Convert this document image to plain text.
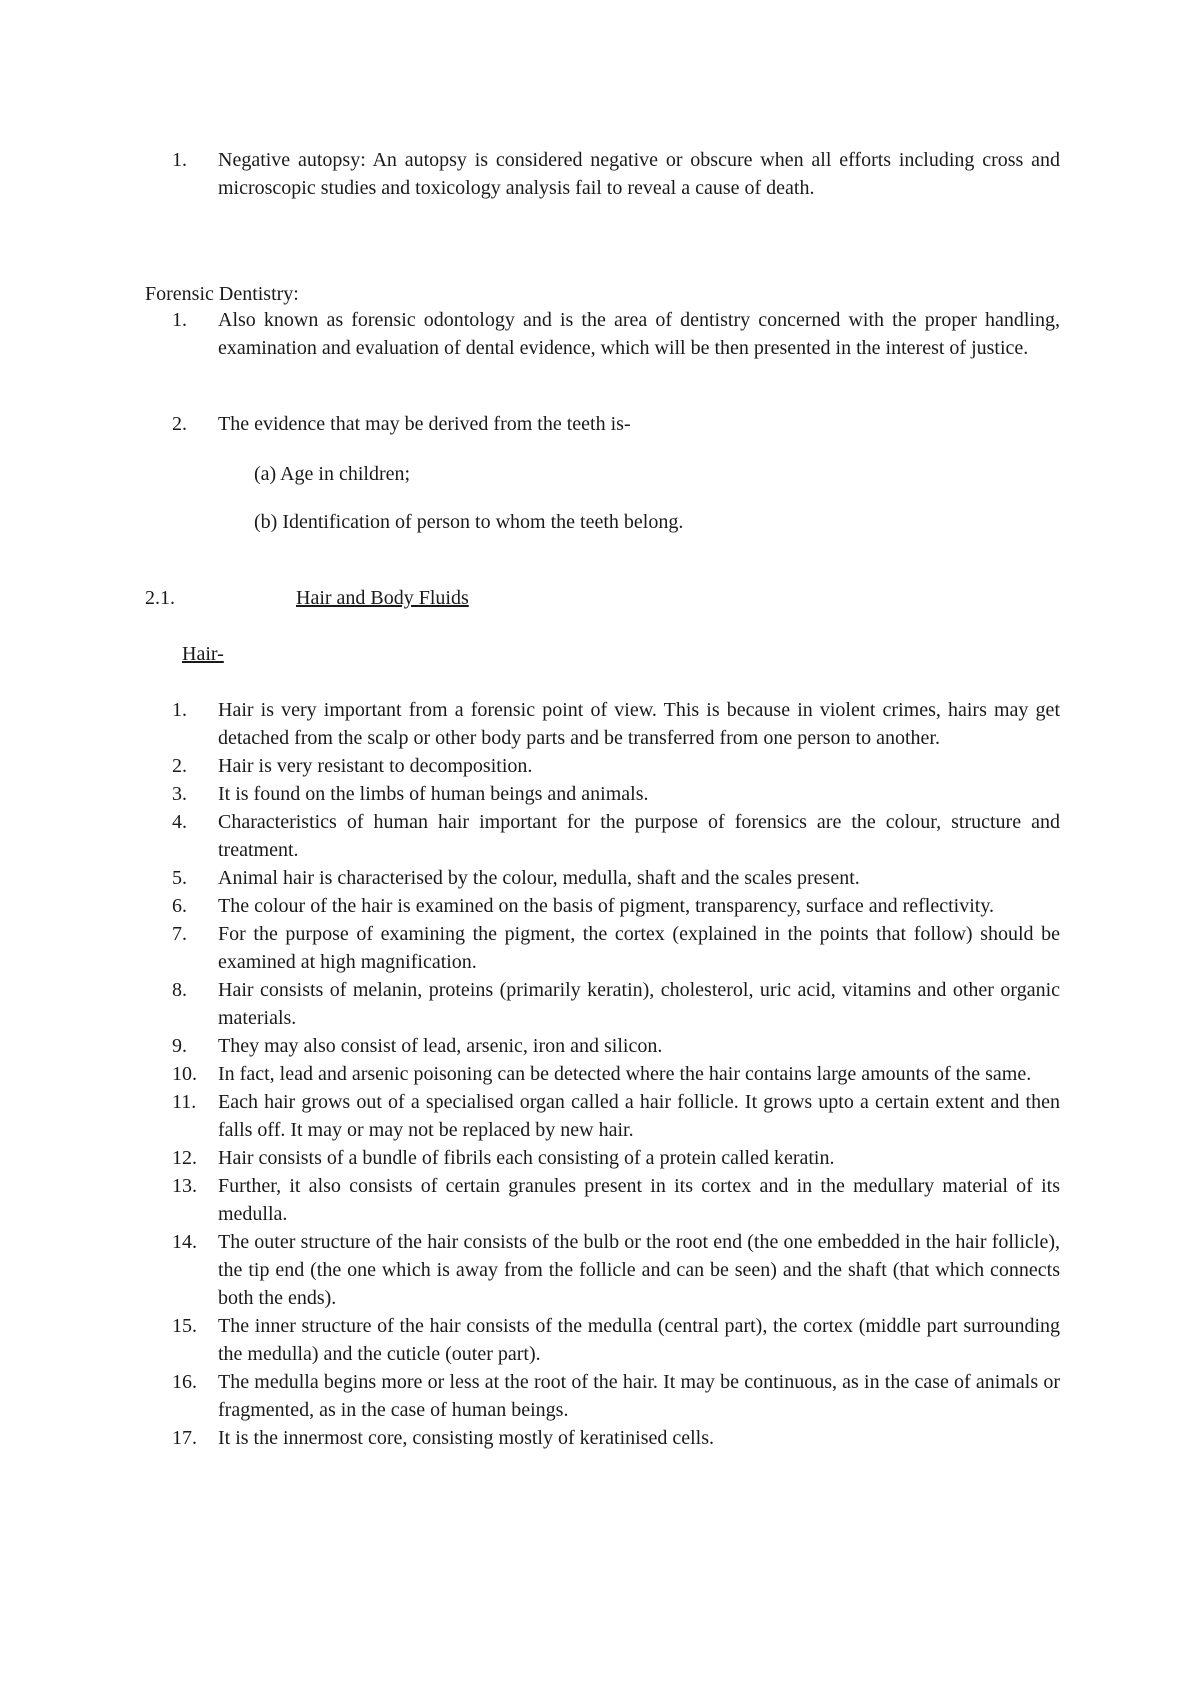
1.	Negative autopsy: An autopsy is considered negative or obscure when all efforts including cross and microscopic studies and toxicology analysis fail to reveal a cause of death.
Forensic Dentistry:
1.	Also known as forensic odontology and is the area of dentistry concerned with the proper handling, examination and evaluation of dental evidence, which will be then presented in the interest of justice.
2.	The evidence that may be derived from the teeth is-
(a) Age in children;
(b) Identification of person to whom the teeth belong.
2.1.	Hair and Body Fluids
Hair-
1.	Hair is very important from a forensic point of view. This is because in violent crimes, hairs may get detached from the scalp or other body parts and be transferred from one person to another.
2.	Hair is very resistant to decomposition.
3.	It is found on the limbs of human beings and animals.
4.	Characteristics of human hair important for the purpose of forensics are the colour, structure and treatment.
5.	Animal hair is characterised by the colour, medulla, shaft and the scales present.
6.	The colour of the hair is examined on the basis of pigment, transparency, surface and reflectivity.
7.	For the purpose of examining the pigment, the cortex (explained in the points that follow) should be examined at high magnification.
8.	Hair consists of melanin, proteins (primarily keratin), cholesterol, uric acid, vitamins and other organic materials.
9.	They may also consist of lead, arsenic, iron and silicon.
10.	In fact, lead and arsenic poisoning can be detected where the hair contains large amounts of the same.
11.	Each hair grows out of a specialised organ called a hair follicle. It grows upto a certain extent and then falls off. It may or may not be replaced by new hair.
12.	Hair consists of a bundle of fibrils each consisting of a protein called keratin.
13.	Further, it also consists of certain granules present in its cortex and in the medullary material of its medulla.
14.	The outer structure of the hair consists of the bulb or the root end (the one embedded in the hair follicle), the tip end (the one which is away from the follicle and can be seen) and the shaft (that which connects both the ends).
15.	The inner structure of the hair consists of the medulla (central part), the cortex (middle part surrounding the medulla) and the cuticle (outer part).
16.	The medulla begins more or less at the root of the hair. It may be continuous, as in the case of animals or fragmented, as in the case of human beings.
17.	It is the innermost core, consisting mostly of keratinised cells.
